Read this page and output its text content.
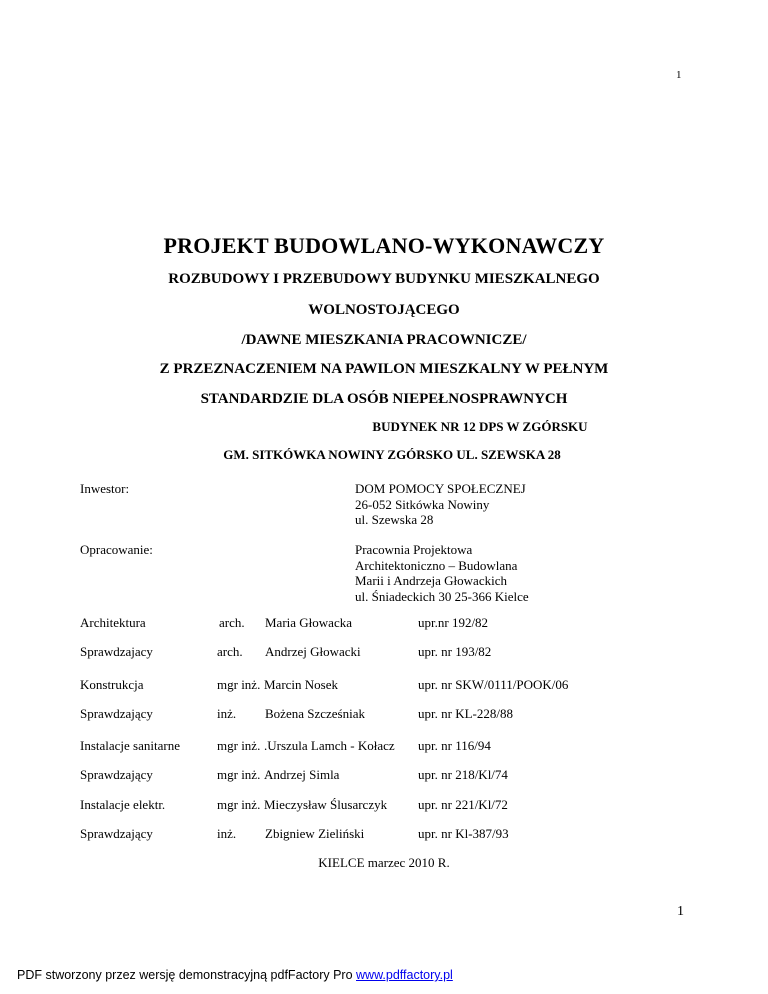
1
PROJEKT BUDOWLANO-WYKONAWCZY
ROZBUDOWY I PRZEBUDOWY BUDYNKU MIESZKALNEGO
WOLNOSTOJĄCEGO
/DAWNE MIESZKANIA PRACOWNICZE/
Z PRZEZNACZENIEM NA PAWILON MIESZKALNY W PEŁNYM
STANDARDZIE DLA OSÓB NIEPEŁNOSPRAWNYCH
BUDYNEK NR 12 DPS W ZGÓRSKU
GM. SITKÓWKA NOWINY ZGÓRSKO UL. SZEWSKA 28
Inwestor:	DOM POMOCY SPOŁECZNEJ
26-052 Sitkówka Nowiny
ul. Szewska 28
Opracowanie:	Pracownia Projektowa
Architektoniczno – Budowlana
Marii i Andrzeja Głowackich
ul. Śniadeckich 30 25-366 Kielce
Architektura	arch. Maria Głowacka	upr.nr 192/82
Sprawdzajacy	arch. Andrzej Głowacki	upr. nr 193/82
Konstrukcja	mgr inż. Marcin Nosek	upr. nr SKW/0111/POOK/06
Sprawdzający	inż. Bożena Szcześniak	upr. nr KL-228/88
Instalacje sanitarne	mgr inż. .Urszula Lamch - Kołacz upr. nr 116/94
Sprawdzający	mgr inż. Andrzej Simla	upr. nr 218/Kl/74
Instalacje elektr.	mgr inż. Mieczysław Ślusarczyk upr. nr 221/Kl/72
Sprawdzający	inż. Zbigniew Zieliński	upr. nr Kl-387/93
KIELCE marzec 2010 R.
1
PDF stworzony przez wersję demonstracyjną pdfFactory Pro www.pdffactory.pl
